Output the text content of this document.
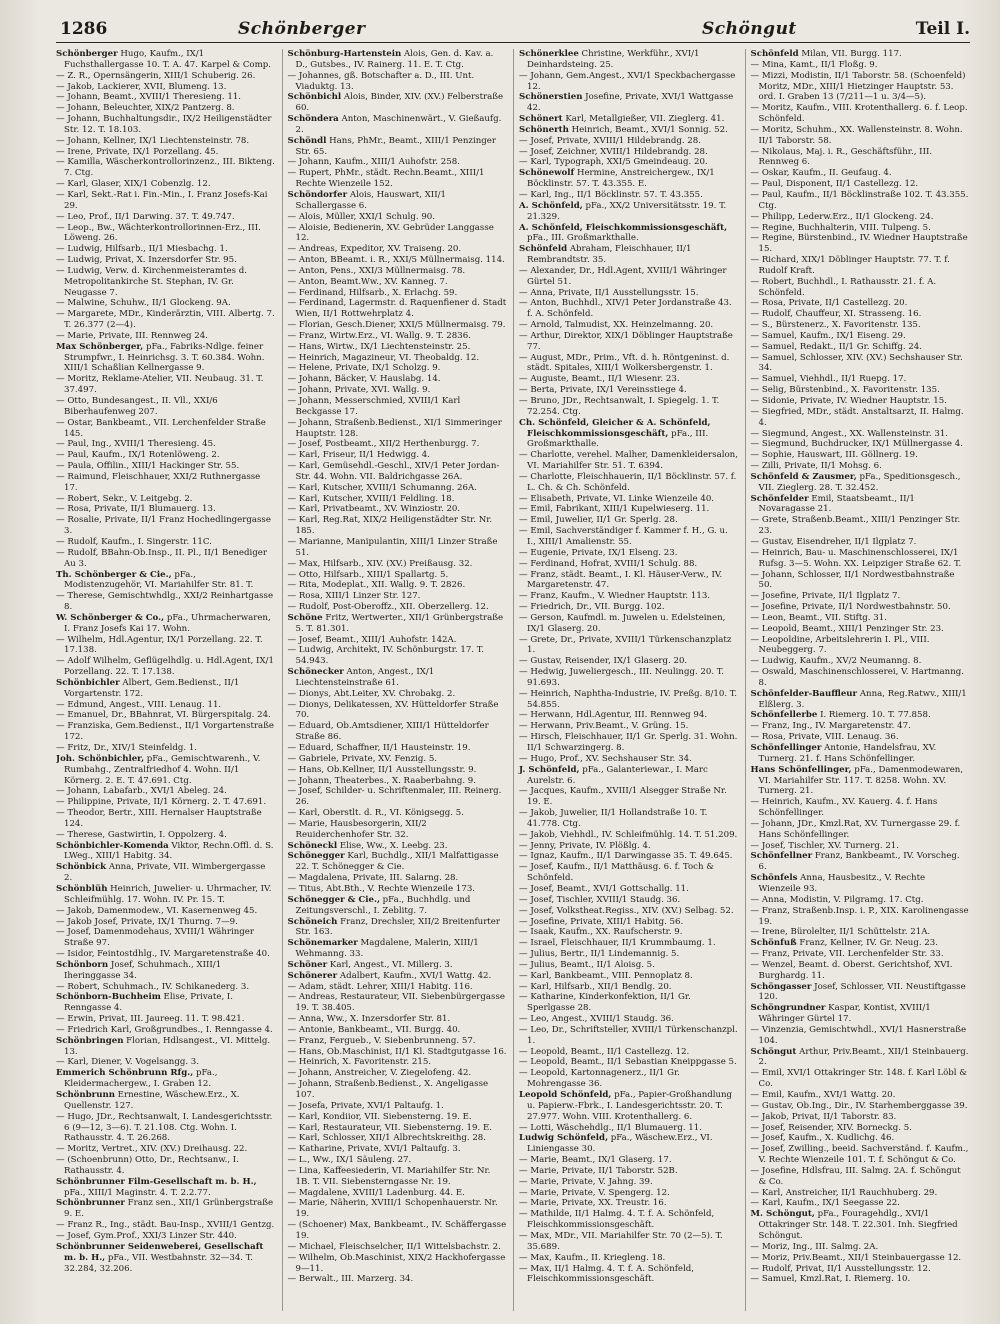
1286	Schönberger	Schöngut	Teil I.
Schönberger Hugo, Kaufm., IX/1 Fuchsthallergasse 10. T. A. 47. Karpel & Comp.
— Z. R., Opernsängerin, XIII/1 Schuberig. 26.
— Jakob, Lackierer, XVII, Blumeng. 13.
— Johann, Beamt., XVIII/1 Theresieng. 11.
— Johann, Beleuchter, XIX/2 Pantzerg. 8.
— Johann, Buchhaltungsdir., IX/2 Heiligenstädter Str. 12. T. 18.103.
— Johann, Kellner, IX/1 Liechtensteinstr. 78.
— Irene, Private, IX/1 Porzellang. 45.
— Kamilla, Wäscherkontrollorinzenz., III. Bikteng. 7. Ctg.
— Karl, Glaser, XIX/1 Cobenzlg. 12.
— Karl, Sekt.-Rat i. Fin.-Min., I. Franz Josefs-Kai 29.
— Leo, Prof., II/1 Darwing. 37. T. 49.747.
— Leop., Bw., Wächterkontrollorinnen-Erz., III. Löweng. 26.
— Ludwig, Hilfsarb., II/1 Miesbachg. 1.
— Ludwig, Privat, X. Inzersdorfer Str. 95.
— Ludwig, Verw. d. Kirchenmeisteramtes d. Metropolitankirche St. Stephan, IV. Gr. Neugasse 7.
— Malwine, Schuhw., II/1 Glockeng. 9A.
— Margarete, MDr., Kinderärztin, VIII. Albertg. 7. T. 26.377 (2—4).
— Marie, Private, III. Rennweg 24.
Max Schönberger, pFa., Fabriks-Ndlge. feiner Strumpfwr., I. Heinrichsg. 3. T. 60.384. Wohn. XIII/1 Schaßlian Kellnergasse 9.
— Moritz, Reklame-Atelier, VII. Neubaug. 31. T. 37.497.
— Otto, Bundesangest., II. Vll., XXI/6 Biberhaufenweg 207.
— Ostar, Bankbeamt., VII. Lerchenfelder Straße 145.
— Paul, Ing., XVIII/1 Theresieng. 45.
— Paul, Kaufm., IX/1 Rotenlöweng. 2.
— Paula, Offilin., XIII/1 Hackinger Str. 55.
— Raimund, Fleischhauer, XXI/2 Ruthnergasse 17.
— Robert, Sekr., V. Leitgebg. 2.
— Rosa, Private, II/1 Blumauerg. 13.
— Rosalie, Private, II/1 Franz Hochedlingergasse 3.
— Rudolf, Kaufm., I. Singerstr. 11C.
— Rudolf, BBahn-Ob.Insp., II. Pl., II/1 Benediger Au 3.
Th. Schönberger & Cie., pFa., Modistenzugehör, VI. Mariahilfer Str. 81. T.
— Therese, Gemischtwhdlg., XXI/2 Reinhartgasse 8.
W. Schönberger & Co., pFa., Uhrmacherwaren, I. Franz Josefs Kai 17. Wohn.
— Wilhelm, Hdl.Agentur, IX/1 Porzellang. 22. T. 17.138.
— Adolf Wilhelm, Geflügelhdlg. u. Hdl.Agent, IX/1 Porzellang. 22. T. 17.138.
Schönbichler Albert, Gem.Bedienst., II/1 Vorgartenstr. 172.
— Edmund, Angest., VIII. Lenaug. 11.
— Emanuel, Dr., BBahnrat, VI. Bürgerspitalg. 24.
— Franziska, Gem.Bedienst., II/1 Vorgartenstraße 172.
— Fritz, Dr., XIV/1 Steinfeldg. 1.
Joh. Schönbichler, pFa., Gemischtwarenh., V. Rumbahg., Zentralfriedhof 4. Wohn. II/1 Körnerg. 2. E. T. 47.691. Ctg.
— Johann, Labafarb., XVI/1 Abeleg. 24.
— Philippine, Private, II/1 Körnerg. 2. T. 47.691.
— Theodor, Bertr., XIII. Hernalser Hauptstraße 124.
— Therese, Gastwirtin, I. Oppolzerg. 4.
Schönbichler-Komenda Viktor, Rechn.Offl. d. S. LWeg., XIII/1 Habitg. 34.
Schönbick Anna, Private, VII. Wimbergergasse 2.
Schönblüh Heinrich, Juwelier- u. Uhrmacher, IV. Schleifmühlg. 17. Wohn. IV. Pr. 15. T.
— Jakob, Damenmodew., VI. Kasernenweg 45.
— Jakob Josef, Private, IX/1 Thurng. 7—9.
— Josef, Damenmodehaus, XVIII/1 Währinger Straße 97.
— Isidor, Feintostdhlg., IV. Margaretenstraße 40.
Schönborn Josef, Schuhmach., XIII/1 Iheringgasse 34.
— Robert, Schuhmach., IV. Schikanederg. 3.
Schönborn-Buchheim Elise, Private, I. Renngasse 4.
— Erwin, Privat, III. Jaureeg. 11. T. 98.421.
— Friedrich Karl, Großgrundbes., I. Renngasse 4.
Schönbringen Florian, Hdlsangest., VI. Mittelg. 13.
— Karl, Diener, V. Vogelsangg. 3.
Emmerich Schönbrunn Rfg., pFa., Kleidermachergew., I. Graben 12.
Schönbrunn Ernestine, Wäschew.Erz., X. Quellenstr. 127.
— Hugo, JDr., Rechtsanwalt, I. Landesgerichtsstr. 6 (9—12, 3—6). T. 21.108. Ctg. Wohn. I. Rathausstr. 4. T. 26.268.
— Moritz, Vertret., XIV. (XV.) Dreihausg. 22.
— (Schoenbrunn) Otto, Dr., Rechtsanw., I. Rathausstr. 4.
Schönbrunner Film-Gesellschaft m. b. H., pFa., XIII/1 Maginstr. 4. T. 2.2.77.
Schönbrunner Franz sen., XII/1 Grünbergstraße 9. E.
— Franz R., Ing., städt. Bau-Insp., XVIII/1 Gentzg.
— Josef, Gym.Prof., XXI/3 Linzer Str. 440.
Schönbrunner Seidenweberei, Gesellschaft m. b. H., pFa., VII. Westbahnstr. 32—34. T. 32.284, 32.206.
Schönburg-Hartenstein Alois, Gen. d. Kav. a. D., Gutsbes., IV. Rainerg. 11. E. T. Ctg.
— Johannes, gß. Botschafter a. D., III. Unt. Viaduktg. 13.
Schönbichl Alois, Binder, XIV. (XV.) Felberstraße 60.
Schöndera Anton, Maschinenwärt., V. Gießaufg. 2.
Schöndl Hans, PhMr., Beamt., XIII/1 Penzinger Str. 65.
— Johann, Kaufm., XIII/1 Auhofstr. 258.
— Rupert, PhMr., städt. Rechn.Beamt., XIII/1 Rechte Wienzeile 152.
Schöndorfer Alois, Hauswart, XII/1 Schallergasse 6.
— Alois, Müller, XXI/1 Schulg. 90.
— Aloisie, Bedienerin, XV. Gebrüder Langgasse 12.
— Andreas, Expeditor, XV. Traiseng. 20.
— Anton, BBeamt. i. R., XXI/5 Müllnermaisg. 114.
— Anton, Pens., XXI/3 Müllnermaisg. 78.
— Anton, Beamt.Ww., XV. Kanneg. 7.
— Ferdinand, Hilfsarb., X. Erlachg. 59.
— Ferdinand, Lagermstr. d. Raquenfiener d. Stadt Wien, II/1 Rottwehrplatz 4.
— Florian, Gesch.Diener, XXI/5 Müllnermaisg. 79.
— Franz, Wirtw.Erz., VI. Wallg. 9. T. 2836.
— Hans, Wirtw., IX/1 Liechtensteinstr. 25.
— Heinrich, Magazineur, VI. Theobaldg. 12.
— Helene, Private, IX/1 Scholzg. 9.
— Johann, Bäcker, V. Hauslabg. 14.
— Johann, Private, XVI. Wallg. 9.
— Johann, Messerschmied, XVIII/1 Karl Beckgasse 17.
— Johann, Straßenb.Bedienst., XI/1 Simmeringer Hauptstr. 128.
— Josef, Postbeamt., XII/2 Herthenburgg. 7.
— Karl, Friseur, II/1 Hedwigg. 4.
— Karl, Gemüsehdl.-Geschl., XIV/1 Peter Jordan-Str. 44. Wohn. VII. Baldrichgasse 26A.
— Karl, Kutscher, XVIII/1 Schumanng. 26A.
— Karl, Kutscher, XVIII/1 Feldling. 18.
— Karl, Privatbeamt., XV. Winziostr. 20.
— Karl, Reg.Rat, XIX/2 Heiligenstädter Str. Nr. 185.
— Marianne, Manipulantin, XIII/1 Linzer Straße 51.
— Max, Hilfsarb., XIV. (XV.) Preißausg. 32.
— Otto, Hilfsarb., XIII/1 Spallartg. 5.
— Rita, Modeplat., XII. Wallg. 9. T. 2826.
— Rosa, XIII/1 Linzer Str. 127.
— Rudolf, Post-Oberoffz., XII. Oberzellerg. 12.
Schöne Fritz, Wertwerter., XII/1 Grünbergstraße 5. T. 81.301.
— Josef, Beamt., XIII/1 Auhofstr. 142A.
— Ludwig, Architekt, IV. Schönburgstr. 17. T. 54.943.
Schönecker Anton, Angest., IX/1 Liechtensteinstraße 61.
— Dionys, Abt.Leiter, XV. Chrobakg. 2.
— Dionys, Delikatessen, XV. Hütteldorfer Straße 70.
— Eduard, Ob.Amtsdiener, XIII/1 Hütteldorfer Straße 86.
— Eduard, Schaffner, II/1 Hausteinstr. 19.
— Gabriele, Private, XV. Fenzig. 5.
— Hans, Ob.Kellner, II/1 Ausstellungsstr. 9.
— Johann, Theaterbes., X. Raaberbahng. 9.
— Josef, Schilder- u. Schriftenmaler, III. Reinerg. 26.
— Karl, Oberstlt. d. R., VI. Königsegg. 5.
— Marie, Hausbesorgerin, XII/2 Reuiderchenhofer Str. 32.
Schöneckl Elise, Ww., X. Leebg. 23.
Schönegger Karl, Buchdlg., XII/1 Malfattigasse 22. T. Schönegger & Cie.
— Magdalena, Private, III. Salarng. 28.
— Titus, Abt.Bth., V. Rechte Wienzeile 173.
Schönegger & Cie., pFa., Buchhdlg. und Zeitungsverschl., I. Zeblitg. 7.
Schöneich Franz, Drechsler, XII/2 Breitenfurter Str. 163.
Schönemarker Magdalene, Malerin, XIII/1 Wehmanng. 33.
Schöner Karl, Angest., VI. Millerg. 3.
Schönerer Adalbert, Kaufm., XVI/1 Wattg. 42.
— Adam, städt. Lehrer, XIII/1 Habitg. 116.
— Andreas, Restaurateur, VII. Siebenbürgergasse 19. T. 38.405.
— Anna, Ww., X. Inzersdorfer Str. 81.
— Antonie, Bankbeamt., VII. Burgg. 40.
— Franz, Fergueb., V. Siebenbrunneng. 57.
— Hans, Ob.Maschinist, II/1 Kl. Stadtgutgasse 16.
— Heinrich, X. Favoritenstr. 215.
— Johann, Anstreicher, V. Ziegelofeng. 42.
— Johann, Straßenb.Bedienst., X. Angeligasse 107.
— Josefa, Private, XVI/1 Paltaufg. 1.
— Karl, Kondiior, VII. Siebensterng. 19. E.
— Karl, Restaurateur, VII. Siebensterng. 19. E.
— Karl, Schlosser, XII/1 Albrechtskreithg. 28.
— Katharine, Private, XVI/1 Paltaufg. 3.
— L., Ww., IX/1 Säuleng. 27.
— Lina, Kaffeesiederin, VI. Mariahilfer Str. Nr. 1B. T. VII. Siebensterngasse Nr. 19.
— Magdalene, XVIII/1 Ladenburg. 44. E.
— Marie, Näherin, XVIII/1 Schopenhauerstr. Nr. 19.
— (Schoener) Max, Bankbeamt., IV. Schäffergasse 19.
— Michael, Fleischselcher, II/1 Wittelsbachstr. 2.
— Wilhelm, Ob.Maschinist, XIX/2 Hackhofergasse 9—11.
— Berwalt., III. Marzerg. 34.
Schönerklee Christine, Werkführ., XVI/1 Deinhardsteing. 25.
— Johann, Gem.Angest., XVI/1 Speckbachergasse 12.
Schönerstien Josefine, Private, XVI/1 Wattgasse 42.
Schönert Karl, Metallgießer, VII. Zieglerg. 41.
Schönerth Heinrich, Beamt., XVI/1 Sonnig. 52.
— Josef, Private, XVIII/1 Hildebrandg. 28.
— Josef, Zeichner, XVIII/1 Hildebrandg. 28.
— Karl, Typograph, XXI/5 Gmeindeaug. 20.
Schönewolf Hermine, Anstreichergew., IX/1 Böcklinstr. 57. T. 43.355. E.
— Karl, Ing., II/1 Böcklinstr. 57. T. 43.355.
A. Schönfeld, pFa., XX/2 Universitätsstr. 19. T. 21.329.
A. Schönfeld, Fleischkommissionsgeschäft, pFa., III. Großmarkthalle.
Schönfeld Abraham, Fleischhauer, II/1 Rembrandtstr. 35.
— Alexander, Dr., Hdl.Agent, XVIII/1 Währinger Gürtel 51.
— Anna, Private, II/1 Ausstellungsstr. 15.
— Anton, Buchhdl., XIV/1 Peter Jordanstraße 43. f. A. Schönfeld.
— Arnold, Talmudist, XX. Heinzelmanng. 20.
— Arthur, Direktor, XIX/1 Döblinger Hauptstraße 77.
— August, MDr., Prim., Vft. d. h. Röntgeninst. d. städt. Spitales, XIII/1 Wolkersbergenstr. 1.
— Auguste, Beamt., II/1 Wiesenr. 23.
— Berta, Private, IX/1 Vereinsstiege 4.
— Bruno, JDr., Rechtsanwalt, I. Spiegelg. 1. T. 72.254. Ctg.
Ch. Schönfeld, Gleicher & A. Schönfeld, Fleischkommissionsgeschäft, pFa., III. Großmarkthalle.
— Charlotte, verehel. Malher, Damenkleidersalon, VI. Mariahilfer Str. 51. T. 6394.
— Charlotte, Fleischhauerin, II/1 Böcklinstr. 57. f. L. Ch. & Ch. Schönfeld.
— Elisabeth, Private, VI. Linke Wienzeile 40.
— Emil, Fabrikant, XIII/1 Kupelwieserg. 11.
— Emil, Juwelier, II/1 Gr. Sperlg. 28.
— Emil, Sachverständiger f. Kammer f. H., G. u. I., XIII/1 Amalienstr. 55.
— Eugenie, Private, IX/1 Elseng. 23.
— Ferdinand, Hofrat, XVIII/1 Schulg. 88.
— Franz, städt. Beamt., I. Kl. Häuser-Verw., IV. Margaretenstr. 47.
— Franz, Kaufm., V. Wiedner Hauptstr. 113.
— Friedrich, Dr., VII. Burgg. 102.
— Gerson, Kaufmdl. m. Juwelen u. Edelsteinen, IX/1 Glaserg. 20.
— Grete, Dr., Private, XVIII/1 Türkenschanzplatz 1.
— Gustav, Reisender, IX/1 Glaserg. 20.
— Hedwig, Juweliergesch., III. Neulingg. 20. T. 91.693.
— Heinrich, Naphtha-Industrie, IV. Preßg. 8/10. T. 54.855.
— Herwann, Hdl.Agentur, III. Rennweg 94.
— Herwann, Priv.Beamt., V. Grüng. 15.
— Hirsch, Fleischhauer, II/1 Gr. Sperlg. 31. Wohn. II/1 Schwarzingerg. 8.
— Hugo, Prof., XV. Sechshauser Str. 34.
J. Schönfeld, pFa., Galanteriewar., I. Marc Aurelstr. 6.
— Jacques, Kaufm., XVIII/1 Alsegger Straße Nr. 19. E.
— Jakob, Juwelier, II/1 Hollandstraße 10. T. 41.778. Ctg.
— Jakob, Viehhdl., IV. Schleifmühlg. 14. T. 51.209.
— Jenny, Private, IV. Plößlg. 4.
— Ignaz, Kaufm., II/1 Darwingasse 35. T. 49.645.
— Josef, Kaufm., II/1 Matthäusg. 6. f. Toch & Schönfeld.
— Josef, Beamt., XVI/1 Gottschallg. 11.
— Josef, Tischler, XVIII/1 Staudg. 36.
— Josef, Volkstheat.Regiss., XIV. (XV.) Selbag. 52.
— Josefine, Private, XIII/1 Habitg. 56.
— Isaak, Kaufm., XX. Raufscherstr. 9.
— Israel, Fleischhauer, II/1 Krummbaumg. 1.
— Julius, Bertr., II/1 Lindemannig. 5.
— Julius, Beamt., II/1 Aloisg. 5.
— Karl, Bankbeamt., VIII. Pennoplatz 8.
— Karl, Hilfsarb., XII/1 Bendlg. 20.
— Katharine, Kinderkonfektion, II/1 Gr. Sperlgasse 28.
— Leo, Angest., XVIII/1 Staudg. 36.
— Leo, Dr., Schriftsteller, XVIII/1 Türkenschanzpl. 1.
— Leopold, Beamt., II/1 Castellezg. 12.
— Leopold, Beamt., II/1 Sebastian Kneippgasse 5.
— Leopold, Kartonnagenerz., II/1 Gr. Mohrengasse 36.
Leopold Schönfeld, pFa., Papier-Großhandlung u. Papierw.-Fbrk., I. Landesgerichtsstr. 20. T. 27.977. Wohn. VIII. Krotenthallerg. 6.
— Lotti, Wäschehdlg., II/1 Blumauerg. 11.
Ludwig Schönfeld, pFa., Wäschew.Erz., VI. Liniengasse 30.
— Marie, Beamt., IX/1 Glaserg. 17.
— Marie, Private, II/1 Taborstr. 52B.
— Marie, Private, V. Jahng. 39.
— Marie, Private, V. Spengerg. 12.
— Marie, Private, XX. Treustr. 16.
— Mathilde, II/1 Halmg. 4. T. f. A. Schönfeld, Fleischkommissionsgeschäft.
— Max, MDr., VII. Mariahilfer Str. 70 (2—5). T. 35.689.
— Max, Kaufm., II. Kriegleng. 18.
— Max, II/1 Halmg. 4. T. f. A. Schönfeld, Fleischkommissionsgeschäft.
Schönfeld Milan, VII. Burgg. 117.
— Mina, Kamt., II/1 Floßg. 9.
— Mizzi, Modistin, II/1 Taborstr. 58. (Schoenfeld) Moritz, MDr., XIII/1 Hietzinger Hauptstr. 53. ord. I. Graben 13 (7/211—1 u. 3/4—5).
— Moritz, Kaufm., VIII. Krotenthallerg. 6. f. Leop. Schönfeld.
— Moritz, Schuhm., XX. Wallensteinstr. 8. Wohn. II/1 Taborstr. 58.
— Nikolaus, Maj. i. R., Geschäftsführ., III. Rennweg 6.
— Oskar, Kaufm., II. Geufaug. 4.
— Paul, Disponent, II/1 Castellezg. 12.
— Paul, Kaufm., II/1 Böcklinstraße 102. T. 43.355. Ctg.
— Philipp, Lederw.Erz., II/1 Glockeng. 24.
— Regine, Buchhalterin, VIII. Tulpeng. 5.
— Regine, Bürstenbind., IV. Wiedner Hauptstraße 15.
— Richard, XIX/1 Döblinger Hauptstr. 77. T. f. Rudolf Kraft.
— Robert, Buchhdl., I. Rathausstr. 21. f. A. Schönfeld.
— Rosa, Private, II/1 Castellezg. 20.
— Rudolf, Chauffeur, XI. Strasseng. 16.
— S., Bürstenerz., X. Favoritenstr. 135.
— Samuel, Kaufm., IX/1 Eiseng. 29.
— Samuel, Redakt., II/1 Gr. Schiffg. 24.
— Samuel, Schlosser, XIV. (XV.) Sechshauser Str. 34.
— Samuel, Viehhdl., II/1 Ruepg. 17.
— Selig, Bürstenbind., X. Favoritenstr. 135.
— Sidonie, Private, IV. Wiedner Hauptstr. 15.
— Siegfried, MDr., städt. Anstaltsarzt, II. Halmg. 4.
— Siegmund, Angest., XX. Wallensteinstr. 31.
— Siegmund, Buchdrucker, IX/1 Müllnergasse 4.
— Sophie, Hauswart, III. Göllnerg. 19.
— Zilli, Private, II/1 Mohsg. 6.
Schönfeld & Zausmer, pFa., Speditionsgesch., VII. Zieglerg. 28. T. 32.452.
Schönfelder Emil, Staatsbeamt., II/1 Novaragasse 21.
— Grete, Straßenb.Beamt., XIII/1 Penzinger Str. 23.
— Gustav, Eisendreher, II/1 Ilgplatz 7.
— Heinrich, Bau- u. Maschinenschlosserei, IX/1 Rufsg. 3—5. Wohn. XX. Leipziger Straße 62. T.
— Johann, Schlosser, II/1 Nordwestbahnstraße 50.
— Josefine, Private, II/1 Ilgplatz 7.
— Josefine, Private, II/1 Nordwestbahnstr. 50.
— Leon, Beamt., VII. Stiftg. 31.
— Leopold, Beamt., XIII/1 Penzinger Str. 23.
— Leopoldine, Arbeitslehrerin I. Pl., VIII. Neubeggerg. 7.
— Ludwig, Kaufm., XV/2 Neumanng. 8.
— Oswald, Maschinenschlosserei, V. Hartmanng. 8.
Schönfelder-Bauffleur Anna, Reg.Ratwv., XIII/1 Elßlerg. 3.
Schönfellerbe I. Riemerg. 10. T. 77.858.
— Franz, Ing., IV. Margaretenstr. 47.
— Rosa, Private, VIII. Lenaug. 36.
Schönfellinger Antonie, Handelsfrau, XV. Turnerg. 21. f. Hans Schönfellinger.
Hans Schönfellinger, pFa., Damenmodewaren, VI. Mariahilfer Str. 117. T. 8258. Wohn. XV. Turnerg. 21.
— Heinrich, Kaufm., XV. Kauerg. 4. f. Hans Schönfellinger.
— Johann, JDr., Kmzl.Rat, XV. Turnergasse 29. f. Hans Schönfellinger.
— Josef, Tischler, XV. Turnerg. 21.
Schönfellner Franz, Bankbeamt., IV. Vorscheg. 6.
Schönfels Anna, Hausbesitz., V. Rechte Wienzeile 93.
— Anna, Modistin, V. Pilgramg. 17. Ctg.
— Franz, Straßenb.Insp. i. P., XIX. Karolinengasse 19.
— Irene, Bürolelter, II/1 Schüttelstr. 21A.
Schönfuß Franz, Kellner, IV. Gr. Neug. 23.
— Franz, Private, VII. Lerchenfelder Str. 33.
— Wenzel, Beamt. d. Oberst. Gerichtshof, XVI. Burghardg. 11.
Schöngasser Josef, Schlosser, VII. Neustiftgasse 120.
Schöngrundner Kaspar, Kontist, XVIII/1 Währinger Gürtel 17.
— Vinzenzia, Gemischtwhdl., XVI/1 Hasnerstraße 104.
Schöngut Arthur, Priv.Beamt., XII/1 Steinbauerg. 2.
— Emil, XVI/1 Ottakringer Str. 148. f. Karl Löbl & Co.
— Emil, Kaufm., XVI/1 Wattg. 20.
— Gustav, Ob.Ing., Dir., IV. Starhemberggasse 39.
— Jakob, Privat, II/1 Taborstr. 83.
— Josef, Reisender, XIV. Borneckg. 5.
— Josef, Kaufm., X. Kudlichg. 46.
— Josef, Zwilling., beeid. Sachverständ. f. Kaufm., V. Rechte Wienzeile 101. T. f. Schöngut & Co.
— Josefine, Hdlsfrau, III. Salmg. 2A. f. Schöngut & Co.
— Karl, Anstreicher, II/1 Rauchhuberg. 29.
— Karl, Kaufm., IX/1 Seegasse 22.
M. Schöngut, pFa., Fouragehdlg., XVI/1 Ottakringer Str. 148. T. 22.301. Inh. Siegfried Schöngut.
— Moriz, Ing., III. Salmg. 2A.
— Moriz, Priv.Beamt., XII/1 Steinbauergasse 12.
— Rudolf, Privat, II/1 Ausstellungsstr. 12.
— Samuel, Kmzl.Rat, I. Riemerg. 10.
